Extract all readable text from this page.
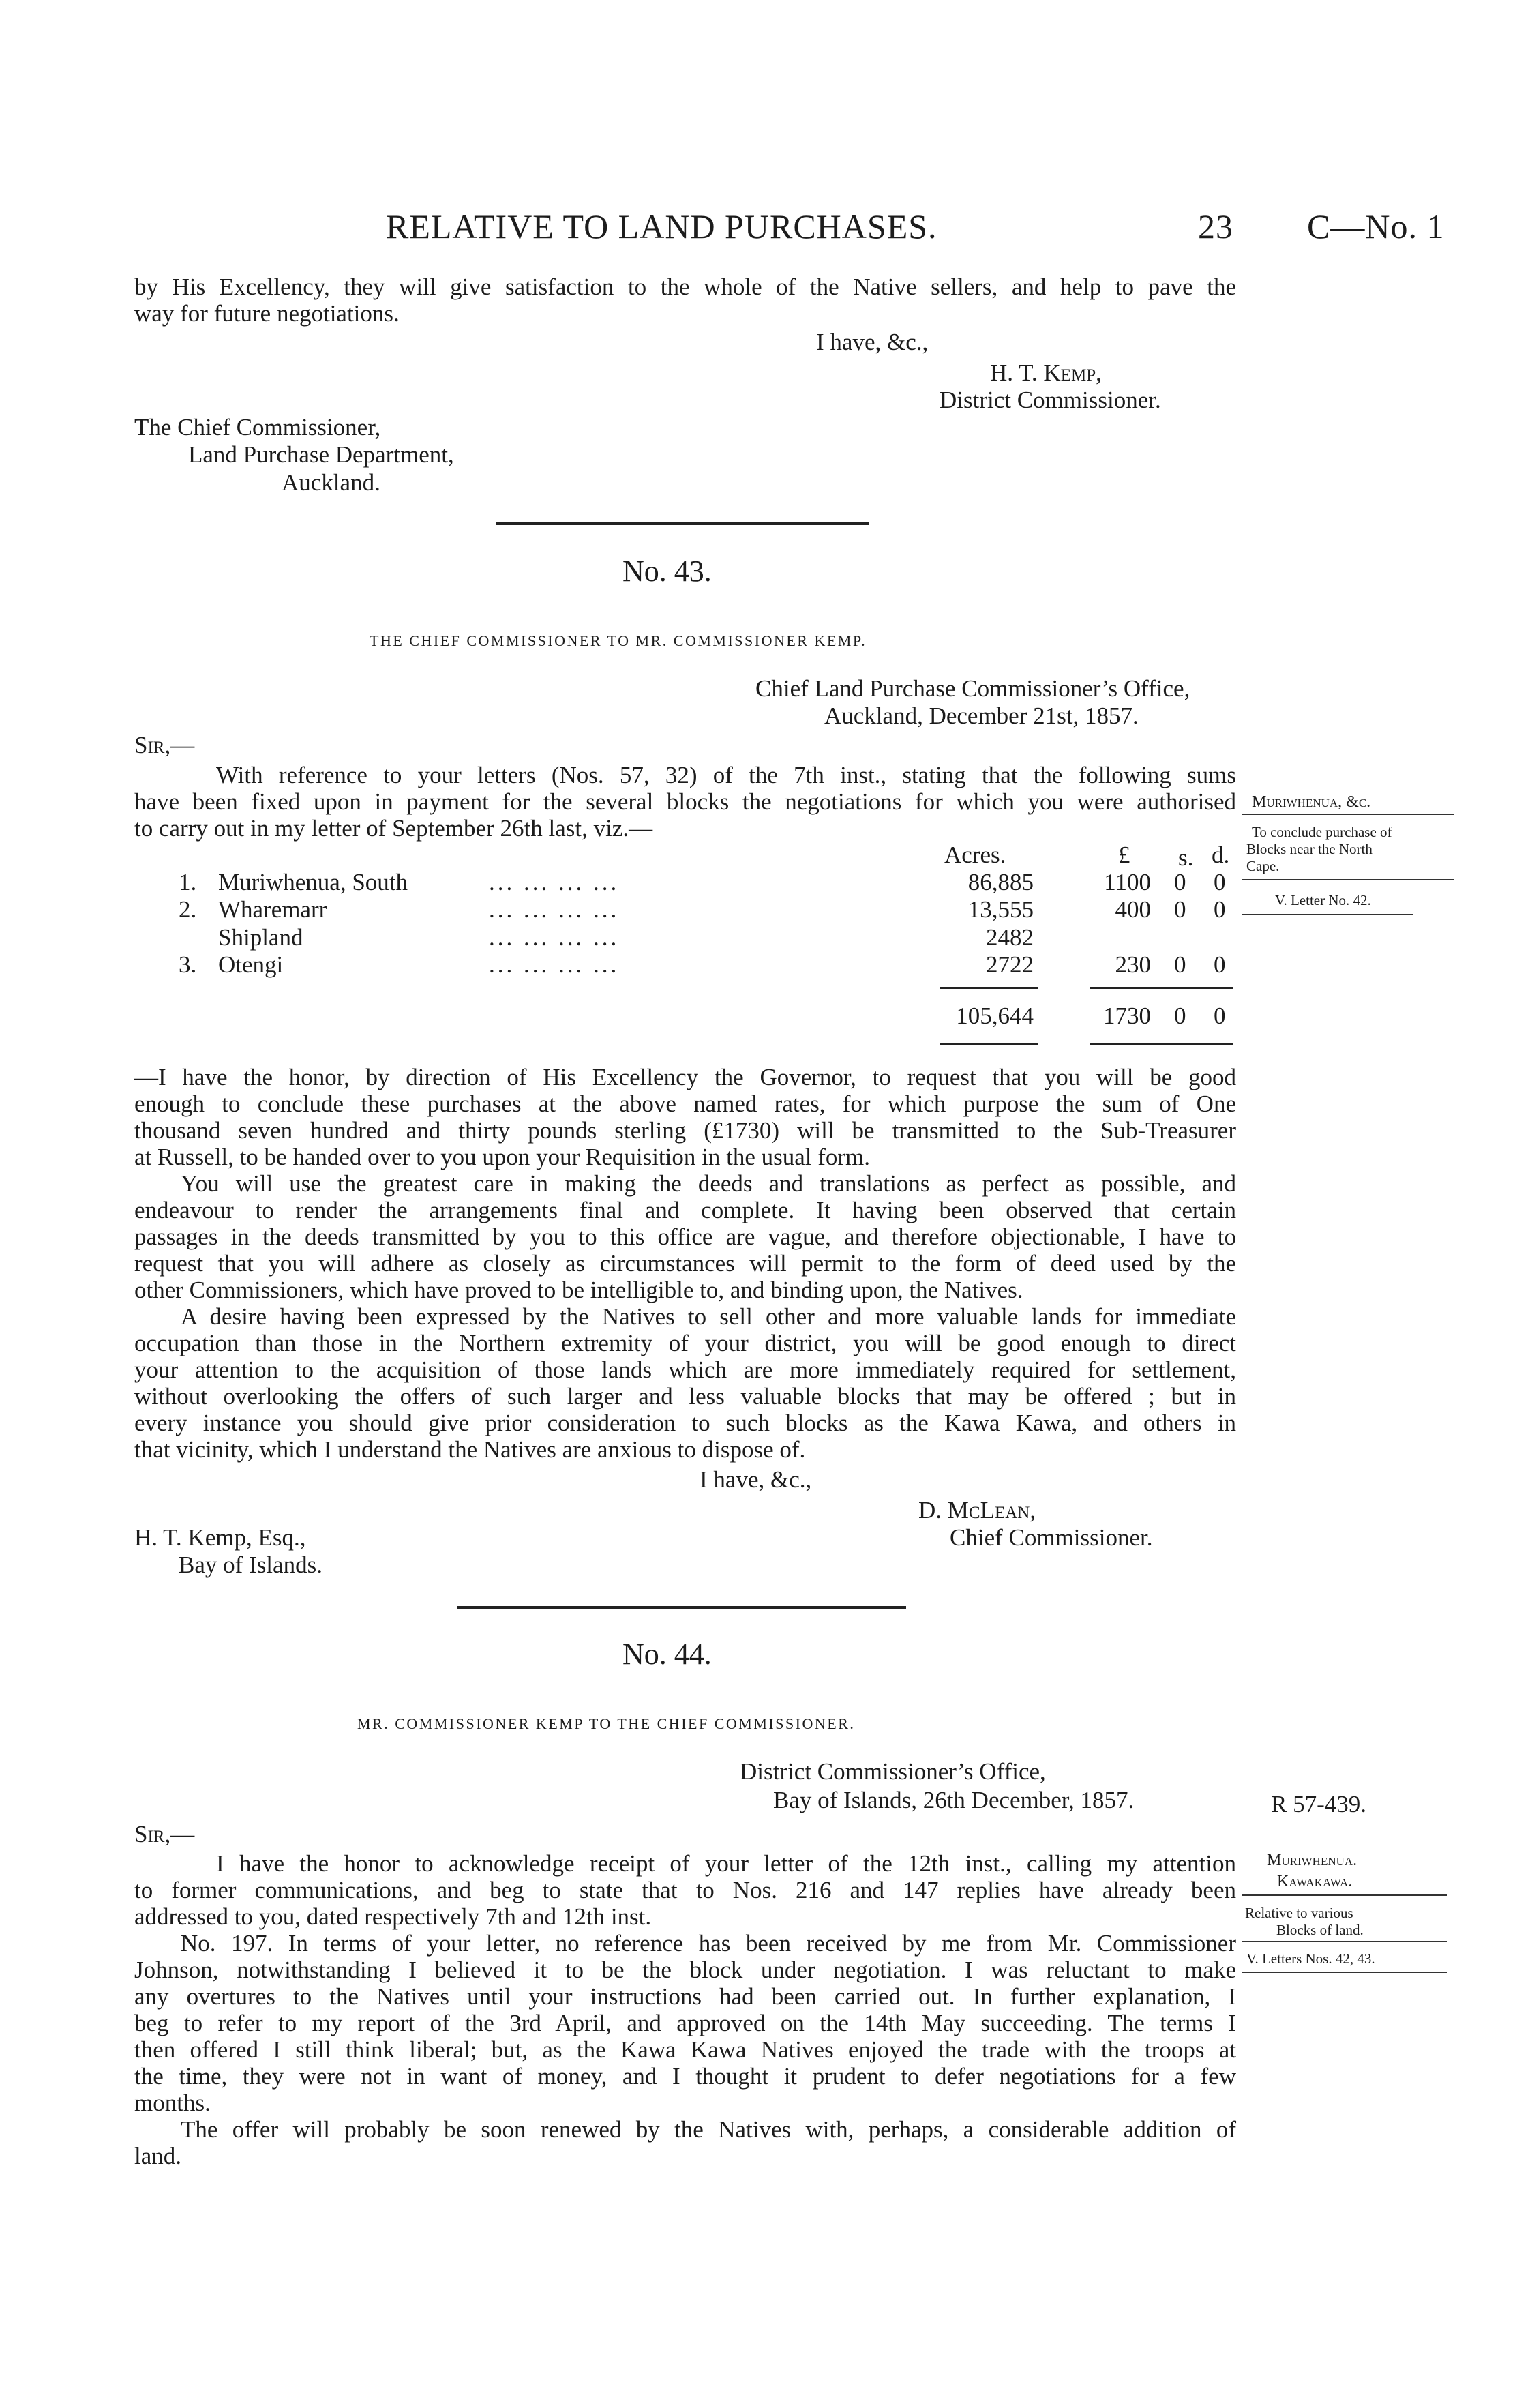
RELATIVE TO LAND PURCHASES.	23 C—No. 1
by His Excellency, they will give satisfaction to the whole of the Native sellers, and help to pave the
way for future negotiations.
I have, &c.,
H. T. Kemp,
District Commissioner.
The Chief Commissioner,
Land Purchase Department,
Auckland.
No. 43.
THE CHIEF COMMISSIONER TO MR. COMMISSIONER KEMP.
Chief Land Purchase Commissioner’s Office,
Auckland, December 21st, 1857.
Sir,—
With reference to your letters (Nos. 57, 32) of the 7th inst., stating that the following sums
have been fixed upon in payment for the several blocks the negotiations for which you were authorised
to carry out in my letter of September 26th last, viz.—
Acres.	£ s. d.
1. Muriwhenua, South	... ... ... ...	86,885	1100 0 0
2. Wharemarr	... ... ... ...	13,555	400 0 0
Shipland	... ... ... ...	2482
3. Otengi	... ... ... ...	2722	230 0 0
105,644	1730 0 0
Muriwhenua, &c.
To conclude purchase of
Blocks near the North
Cape.
V. Letter No. 42.
—I have the honor, by direction of His Excellency the Governor, to request that you will be good
enough to conclude these purchases at the above named rates, for which purpose the sum of One
thousand seven hundred and thirty pounds sterling (£1730) will be transmitted to the Sub-Treasurer
at Russell, to be handed over to you upon your Requisition in the usual form.
You will use the greatest care in making the deeds and translations as perfect as possible, and
endeavour to render the arrangements final and complete. It having been observed that certain
passages in the deeds transmitted by you to this office are vague, and therefore objectionable, I have to
request that you will adhere as closely as circumstances will permit to the form of deed used by the
other Commissioners, which have proved to be intelligible to, and binding upon, the Natives.
A desire having been expressed by the Natives to sell other and more valuable lands for immediate
occupation than those in the Northern extremity of your district, you will be good enough to direct
your attention to the acquisition of those lands which are more immediately required for settlement,
without overlooking the offers of such larger and less valuable blocks that may be offered ; but in
every instance you should give prior consideration to such blocks as the Kawa Kawa, and others in
that vicinity, which I understand the Natives are anxious to dispose of.
I have, &c.,
D. McLean,
Chief Commissioner.
H. T. Kemp, Esq.,
Bay of Islands.
No. 44.
MR. COMMISSIONER KEMP TO THE CHIEF COMMISSIONER.
District Commissioner’s Office,
Bay of Islands, 26th December, 1857.	R 57-439.
Sir,—
I have the honor to acknowledge receipt of your letter of the 12th inst., calling my attention
to former communications, and beg to state that to Nos. 216 and 147 replies have already been
addressed to you, dated respectively 7th and 12th inst.
No. 197. In terms of your letter, no reference has been received by me from Mr. Commissioner
Johnson, notwithstanding I believed it to be the block under negotiation. I was reluctant to make
any overtures to the Natives until your instructions had been carried out. In further explanation, I
beg to refer to my report of the 3rd April, and approved on the 14th May succeeding. The terms I
then offered I still think liberal; but, as the Kawa Kawa Natives enjoyed the trade with the troops at
the time, they were not in want of money, and I thought it prudent to defer negotiations for a few
months.
The offer will probably be soon renewed by the Natives with, perhaps, a considerable addition of
land.
Muriwhenua.
Kawakawa.
Relative to various
Blocks of land.
V. Letters Nos. 42, 43.
